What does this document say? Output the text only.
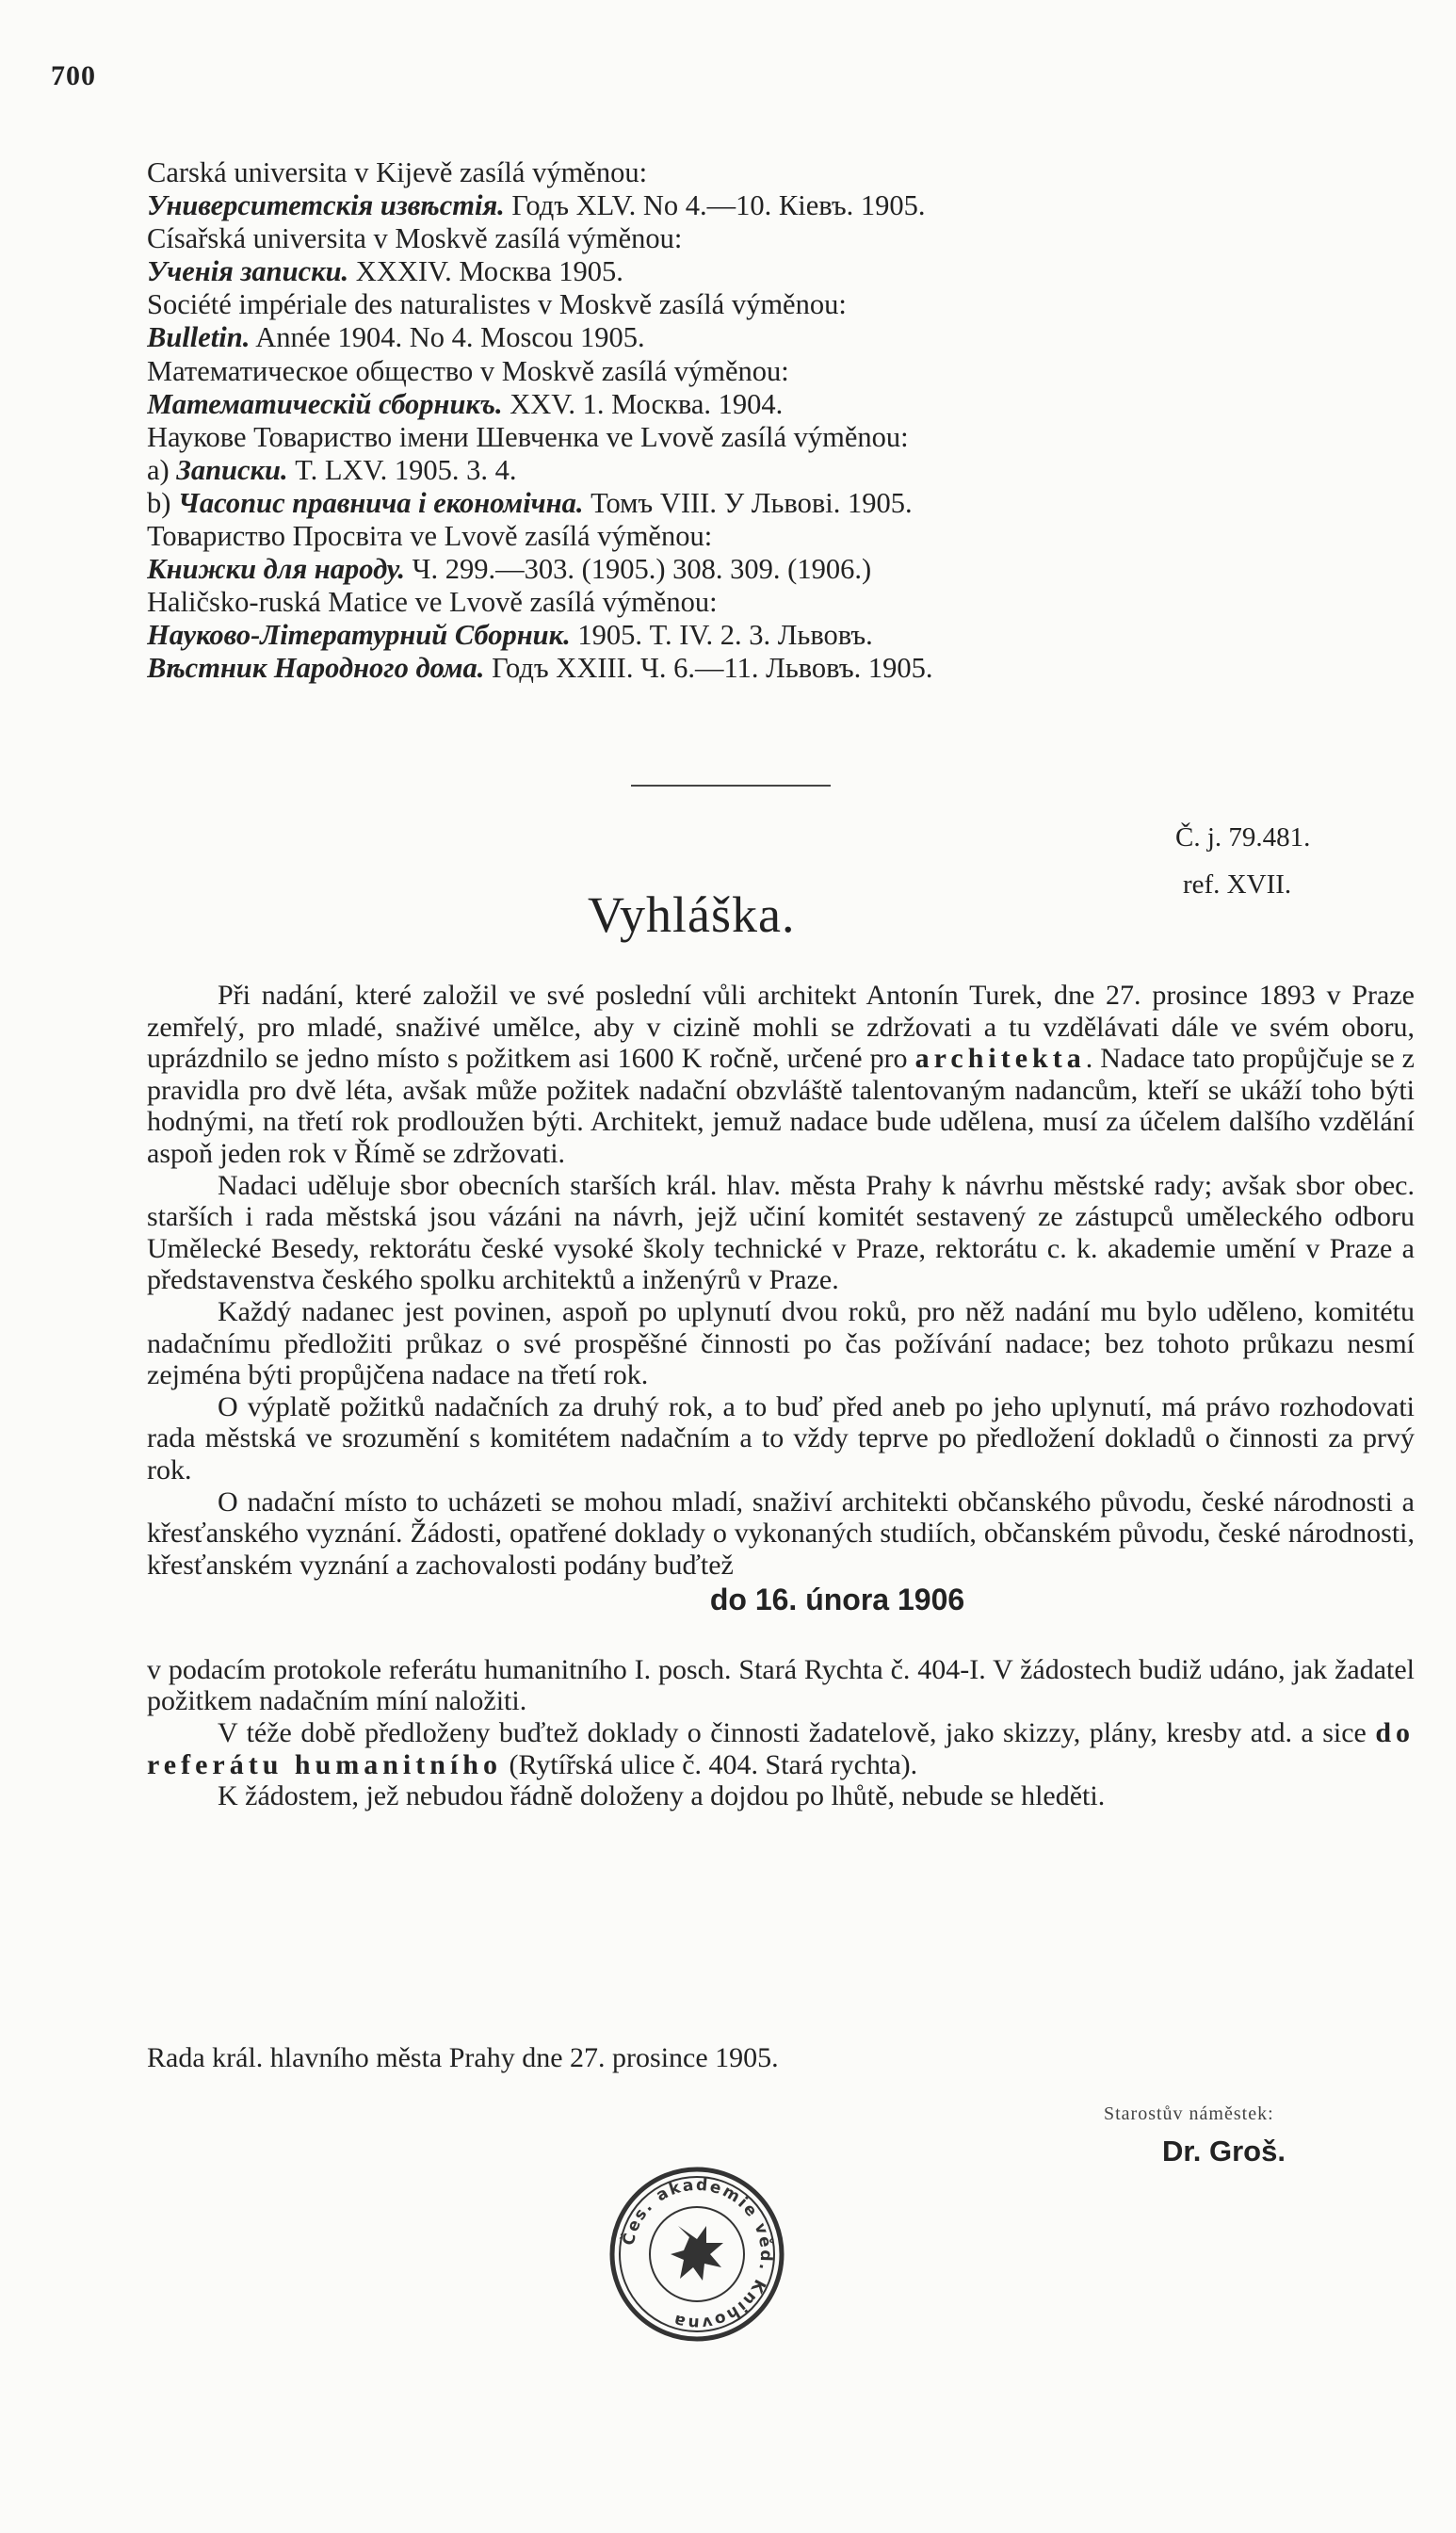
700
Carská universita v Kijevě zasílá výměnou:
Университетскія извѣстія. Годъ XLV. No 4.—10. Кіевъ. 1905.
Císařská universita v Moskvě zasílá výměnou:
Ученія записки. XXXIV. Москва 1905.
Société impériale des naturalistes v Moskvě zasílá výměnou:
Bulletin. Année 1904. No 4. Moscou 1905.
Математическое общество v Moskvě zasílá výměnou:
Математическій сборникъ. XXV. 1. Москва. 1904.
Наукове Товариство імени Шевченка ve Lvově zasílá výměnou:
a) Записки. T. LXV. 1905. 3. 4.
b) Часопис правнича і економічна. Томъ VIII. У Львові. 1905.
Товариство Просвіта ve Lvově zasílá výměnou:
Книжки для народу. Ч. 299.—303. (1905.) 308. 309. (1906.)
Haličsko-ruská Matice ve Lvově zasílá výměnou:
Науково-Літературний Сборник. 1905. T. IV. 2. 3. Львовъ.
Вѣстник Народного дома. Годъ XXIII. Ч. 6.—11. Львовъ. 1905.
Č. j. 79.481.
ref. XVII.
Vyhláška.

   Při nadání, které založil ve své poslední vůli architekt Antonín Turek, dne 27. prosince 1893 v Praze zemřelý, pro mladé, snaživé umělce, aby v cizině mohli se zdržovati a tu vzdělávati dále ve svém oboru, uprázdnilo se jedno místo s požitkem asi 1600 K ročně, určené pro architekta. Nadace tato propůjčuje se z pravidla pro dvě léta, avšak může požitek nadační obzvláště talentovaným nadancům, kteří se ukáží toho býti hodnými, na třetí rok prodloužen býti. Architekt, jemuž nadace bude udělena, musí za účelem dalšího vzdělání aspoň jeden rok v Římě se zdržovati.

   Nadaci uděluje sbor obecních starších král. hlav. města Prahy k návrhu městské rady; avšak sbor obec. starších i rada městská jsou vázáni na návrh, jejž učiní komitét sestavený ze zástupců uměleckého odboru Umělecké Besedy, rektorátu české vysoké školy technické v Praze, rektorátu c. k. akademie umění v Praze a představenstva českého spolku architektů a inženýrů v Praze.

   Každý nadanec jest povinen, aspoň po uplynutí dvou roků, pro něž nadání mu bylo uděleno, komitétu nadačnímu předložiti průkaz o své prospěšné činnosti po čas požívání nadace; bez tohoto průkazu nesmí zejména býti propůjčena nadace na třetí rok.

   O výplatě požitků nadačních za druhý rok, a to buď před aneb po jeho uplynutí, má právo rozhodovati rada městská ve srozumění s komitétem nadačním a to vždy teprve po předložení dokladů o činnosti za prvý rok.

   O nadační místo to ucházeti se mohou mladí, snaživí architekti občanského původu, české národnosti a křesťanského vyznání. Žádosti, opatřené doklady o vykonaných studiích, občanském původu, české národnosti, křesťanském vyznání a zachovalosti podány buďtež

do 16. února 1906

v podacím protokole referátu humanitního I. posch. Stará Rychta č. 404-I. V žádostech budiž udáno, jak žadatel požitkem nadačním míní naložiti.

   V téže době předloženy buďtež doklady o činnosti žadatelově, jako skizzy, plány, kresby atd. a sice do referátu humanitního (Rytířská ulice č. 404. Stará rychta).

   K žádostem, jež nebudou řádně doloženy a dojdou po lhůtě, nebude se hleděti.

Rada král. hlavního města Prahy dne 27. prosince 1905.
Starostův náměstek:
Dr. Groš.
Čes. akademie věd. Knihovna
